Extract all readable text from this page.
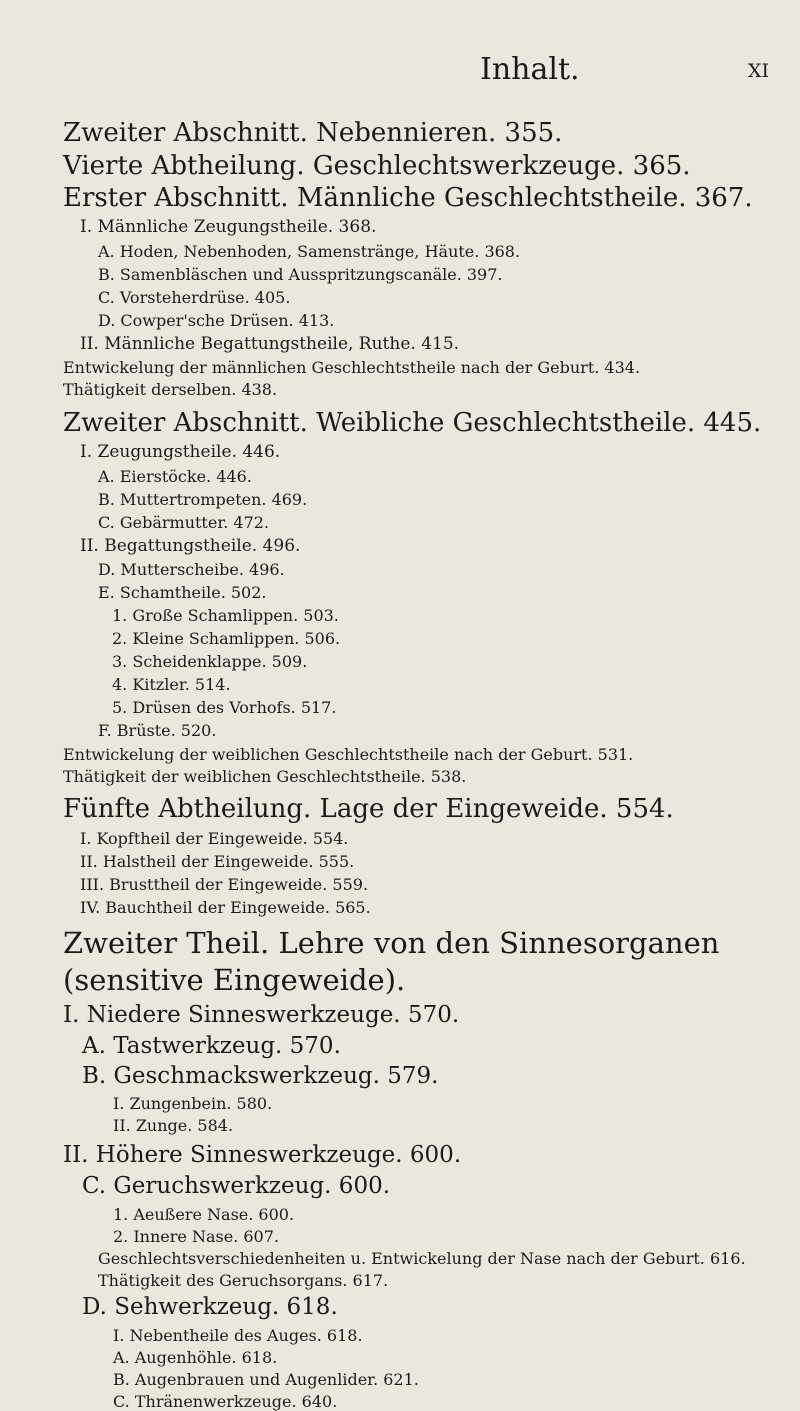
Inhalt.	XI
Zweiter Abschnitt. Nebennieren. 355.
Vierte Abtheilung. Geschlechtswerkzeuge. 365.
Erster Abschnitt. Männliche Geschlechtstheile. 367.
I. Männliche Zeugungstheile. 368.
A. Hoden, Nebenhoden, Samenstränge, Häute. 368.
B. Samenbläschen und Ausspritzungscanäle. 397.
C. Vorsteherdrüse. 405.
D. Cowper'sche Drüsen. 413.
II. Männliche Begattungstheile, Ruthe. 415.
Entwickelung der männlichen Geschlechtstheile nach der Geburt. 434.
Thätigkeit derselben. 438.
Zweiter Abschnitt. Weibliche Geschlechtstheile. 445.
I. Zeugungstheile. 446.
A. Eierstöcke. 446.
B. Muttertrompeten. 469.
C. Gebärmutter. 472.
II. Begattungstheile. 496.
D. Mutterscheibe. 496.
E. Schamtheile. 502.
1. Große Schamlippen. 503.
2. Kleine Schamlippen. 506.
3. Scheidenklappe. 509.
4. Kitzler. 514.
5. Drüsen des Vorhofs. 517.
F. Brüste. 520.
Entwickelung der weiblichen Geschlechtstheile nach der Geburt. 531.
Thätigkeit der weiblichen Geschlechtstheile. 538.
Fünfte Abtheilung. Lage der Eingeweide. 554.
I. Kopftheil der Eingeweide. 554.
II. Halstheil der Eingeweide. 555.
III. Brusttheil der Eingeweide. 559.
IV. Bauchtheil der Eingeweide. 565.
Zweiter Theil. Lehre von den Sinnesorganen
(sensitive Eingeweide).
I. Niedere Sinneswerkzeuge. 570.
A. Tastwerkzeug. 570.
B. Geschmackswerkzeug. 579.
I. Zungenbein. 580.
II. Zunge. 584.
II. Höhere Sinneswerkzeuge. 600.
C. Geruchswerkzeug. 600.
1. Aeußere Nase. 600.
2. Innere Nase. 607.
Geschlechtsverschiedenheiten u. Entwickelung der Nase nach der Geburt. 616.
Thätigkeit des Geruchsorgans. 617.
D. Sehwerkzeug. 618.
I. Nebentheile des Auges. 618.
A. Augenhöhle. 618.
B. Augenbrauen und Augenlider. 621.
C. Thränenwerkzeuge. 640.
